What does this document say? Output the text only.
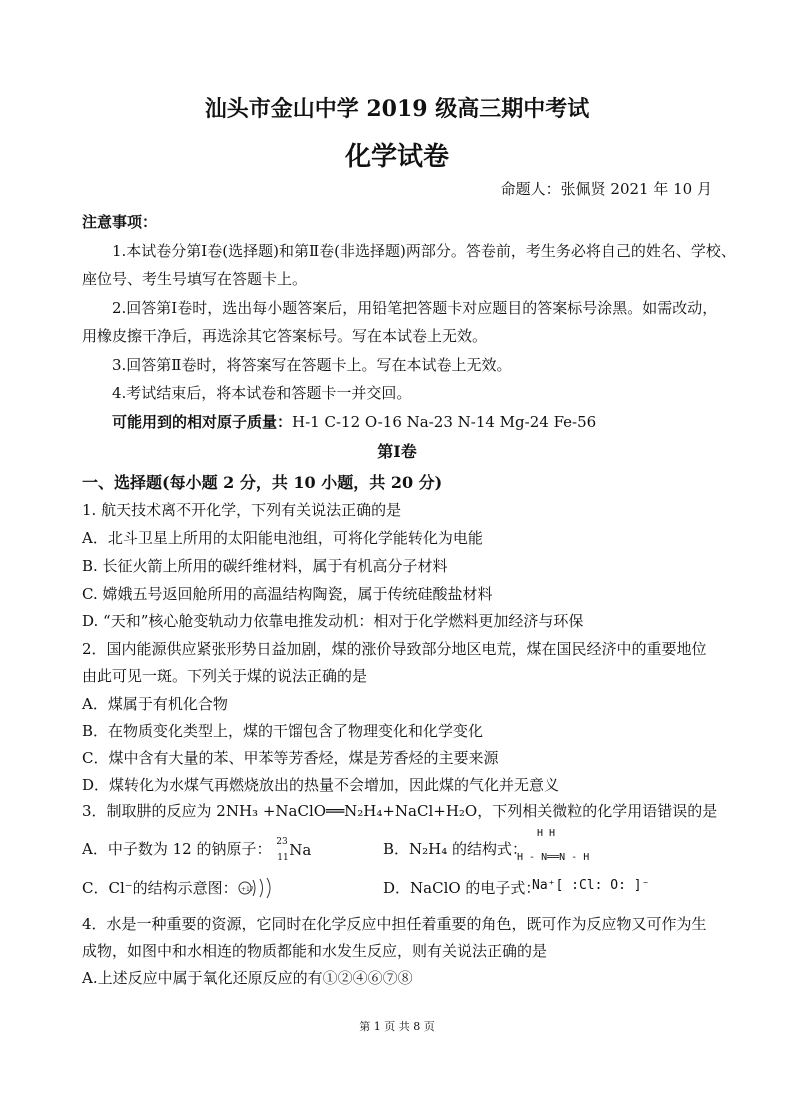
汕头市金山中学 2019 级高三期中考试
化学试卷
命题人：张佩贤 2021 年 10 月
注意事项：
1.本试卷分第Ⅰ卷(选择题)和第Ⅱ卷(非选择题)两部分。答卷前，考生务必将自己的姓名、学校、
座位号、考生号填写在答题卡上。
2.回答第Ⅰ卷时，选出每小题答案后，用铅笔把答题卡对应题目的答案标号涂黑。如需改动，
用橡皮擦干净后，再选涂其它答案标号。写在本试卷上无效。
3.回答第Ⅱ卷时，将答案写在答题卡上。写在本试卷上无效。
4.考试结束后，将本试卷和答题卡一并交回。
可能用到的相对原子质量：H-1 C-12 O-16 Na-23 N-14 Mg-24 Fe-56
第Ⅰ卷
一、选择题(每小题 2 分，共 10 小题，共 20 分)
1. 航天技术离不开化学，下列有关说法正确的是
A．北斗卫星上所用的太阳能电池组，可将化学能转化为电能
B. 长征火箭上所用的碳纤维材料，属于有机高分子材料
C. 嫦娥五号返回舱所用的高温结构陶瓷，属于传统硅酸盐材料
D. “天和”核心舱变轨动力依靠电推发动机：相对于化学燃料更加经济与环保
2．国内能源供应紧张形势日益加剧，煤的涨价导致部分地区电荒，煤在国民经济中的重要地位
由此可见一斑。下列关于煤的说法正确的是
A．煤属于有机化合物
B．在物质变化类型上，煤的干馏包含了物理变化和化学变化
C．煤中含有大量的苯、甲苯等芳香烃，煤是芳香烃的主要来源
D．煤转化为水煤气再燃烧放出的热量不会增加，因此煤的气化并无意义
3．制取肼的反应为 2NH₃ +NaClO══N₂H₄+NaCl+H₂O，下列相关微粒的化学用语错误的是
A．中子数为 12 的钠原子： 23
11 Na	B．N₂H₄ 的结构式：
H H
H - N══N - H
C．Cl⁻的结构示意图： +17	D．NaClO 的电子式：
Na⁺[ :Cl: O: ]⁻
4．水是一种重要的资源，它同时在化学反应中担任着重要的角色，既可作为反应物又可作为生
成物，如图中和水相连的物质都能和水发生反应，则有关说法正确的是
A.上述反应中属于氧化还原反应的有①②④⑥⑦⑧
第 1 页 共 8 页
